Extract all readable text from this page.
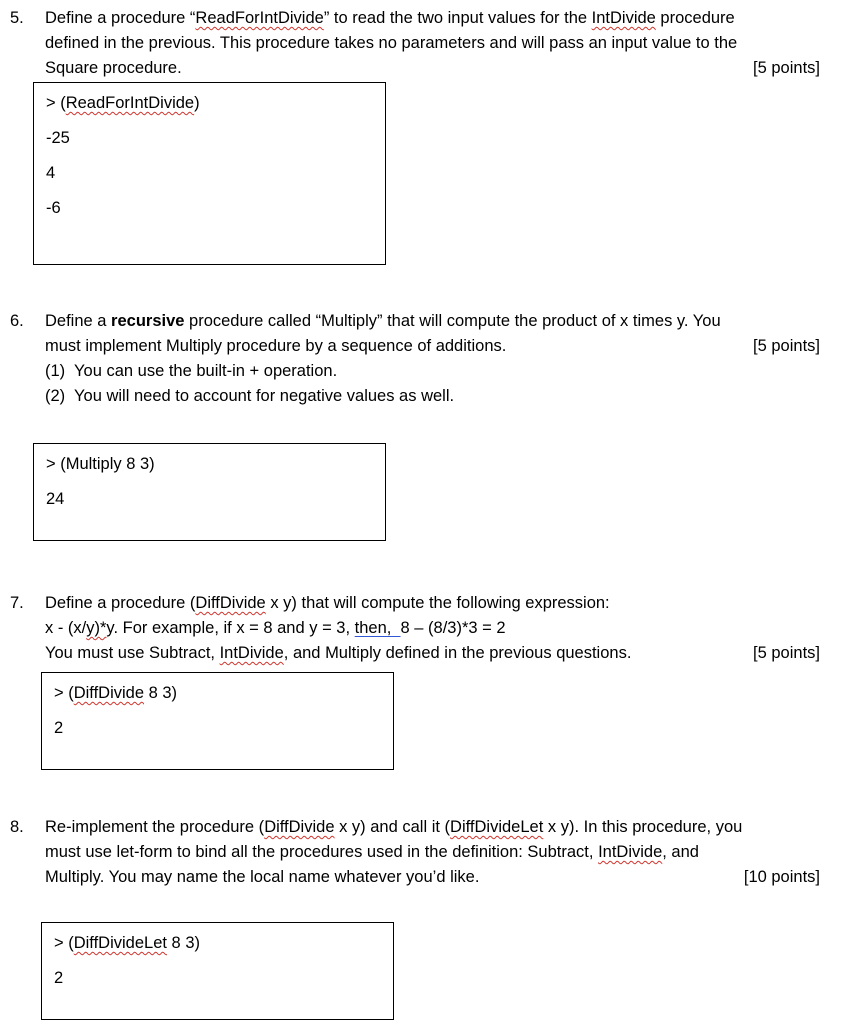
5. Define a procedure “ReadForIntDivide” to read the two input values for the IntDivide procedure
defined in the previous. This procedure takes no parameters and will pass an input value to the
Square procedure.	[5 points]
> (ReadForIntDivide)
-25
4
-6
6. Define a recursive procedure called “Multiply” that will compute the product of x times y. You
must implement Multiply procedure by a sequence of additions.	[5 points]
(1)  You can use the built-in + operation.
(2)  You will need to account for negative values as well.
> (Multiply 8 3)
24
7. Define a procedure (DiffDivide x y) that will compute the following expression:
x - (x/y)*y. For example, if x = 8 and y = 3, then,  8 – (8/3)*3 = 2
You must use Subtract, IntDivide, and Multiply defined in the previous questions.	[5 points]
> (DiffDivide 8 3)
2
8. Re-implement the procedure (DiffDivide x y) and call it (DiffDivideLet x y). In this procedure, you
must use let-form to bind all the procedures used in the definition: Subtract, IntDivide, and
Multiply. You may name the local name whatever you’d like.	[10 points]
> (DiffDivideLet 8 3)
2
